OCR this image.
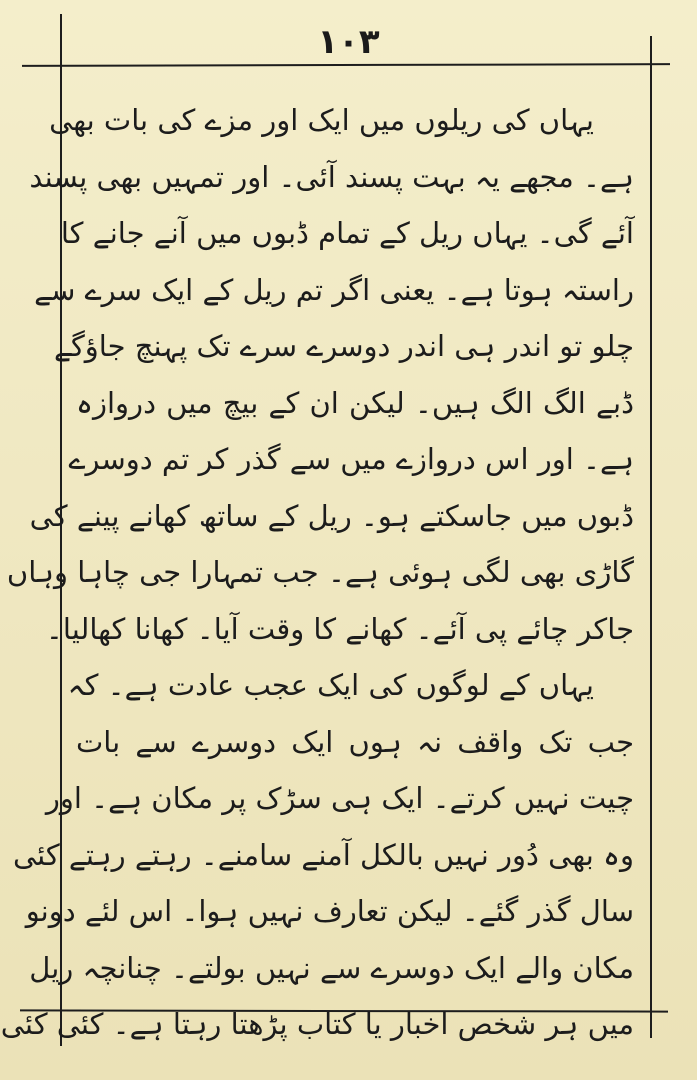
١٠٣
یہاں کی ریلوں میں ایک اور مزے کی بات بھی
ہے۔ مجھے یہ بہت پسند آئی۔ اور تمہیں بھی پسند
آئے گی۔ یہاں ریل کے تمام ڈبوں میں آنے جانے کا
راستہ ہوتا ہے۔ یعنی اگر تم ریل کے ایک سرے سے
چلو تو اندر ہی اندر دوسرے سرے تک پہنچ جاؤگے
ڈبے الگ الگ ہیں۔ لیکن ان کے بیچ میں دروازہ
ہے۔ اور اس دروازے میں سے گذر کر تم دوسرے
ڈبوں میں جاسکتے ہو۔ ریل کے ساتھ کھانے پینے کی
گاڑی بھی لگی ہوئی ہے۔ جب تمہارا جی چاہا وہاں
جاکر چائے پی آئے۔ کھانے کا وقت آیا۔ کھانا کھالیا۔
یہاں کے لوگوں کی ایک عجب عادت ہے۔ کہ
جب تک واقف نہ ہوں ایک دوسرے سے بات
چیت نہیں کرتے۔ ایک ہی سڑک پر مکان ہے۔ اور
وہ بھی دُور نہیں بالکل آمنے سامنے۔ رہتے رہتے کئی
سال گذر گئے۔ لیکن تعارف نہیں ہوا۔ اس لئے دونو
مکان والے ایک دوسرے سے نہیں بولتے۔ چنانچہ ریل
میں ہر شخص اخبار یا کتاب پڑھتا رہتا ہے۔ کئی کئی
